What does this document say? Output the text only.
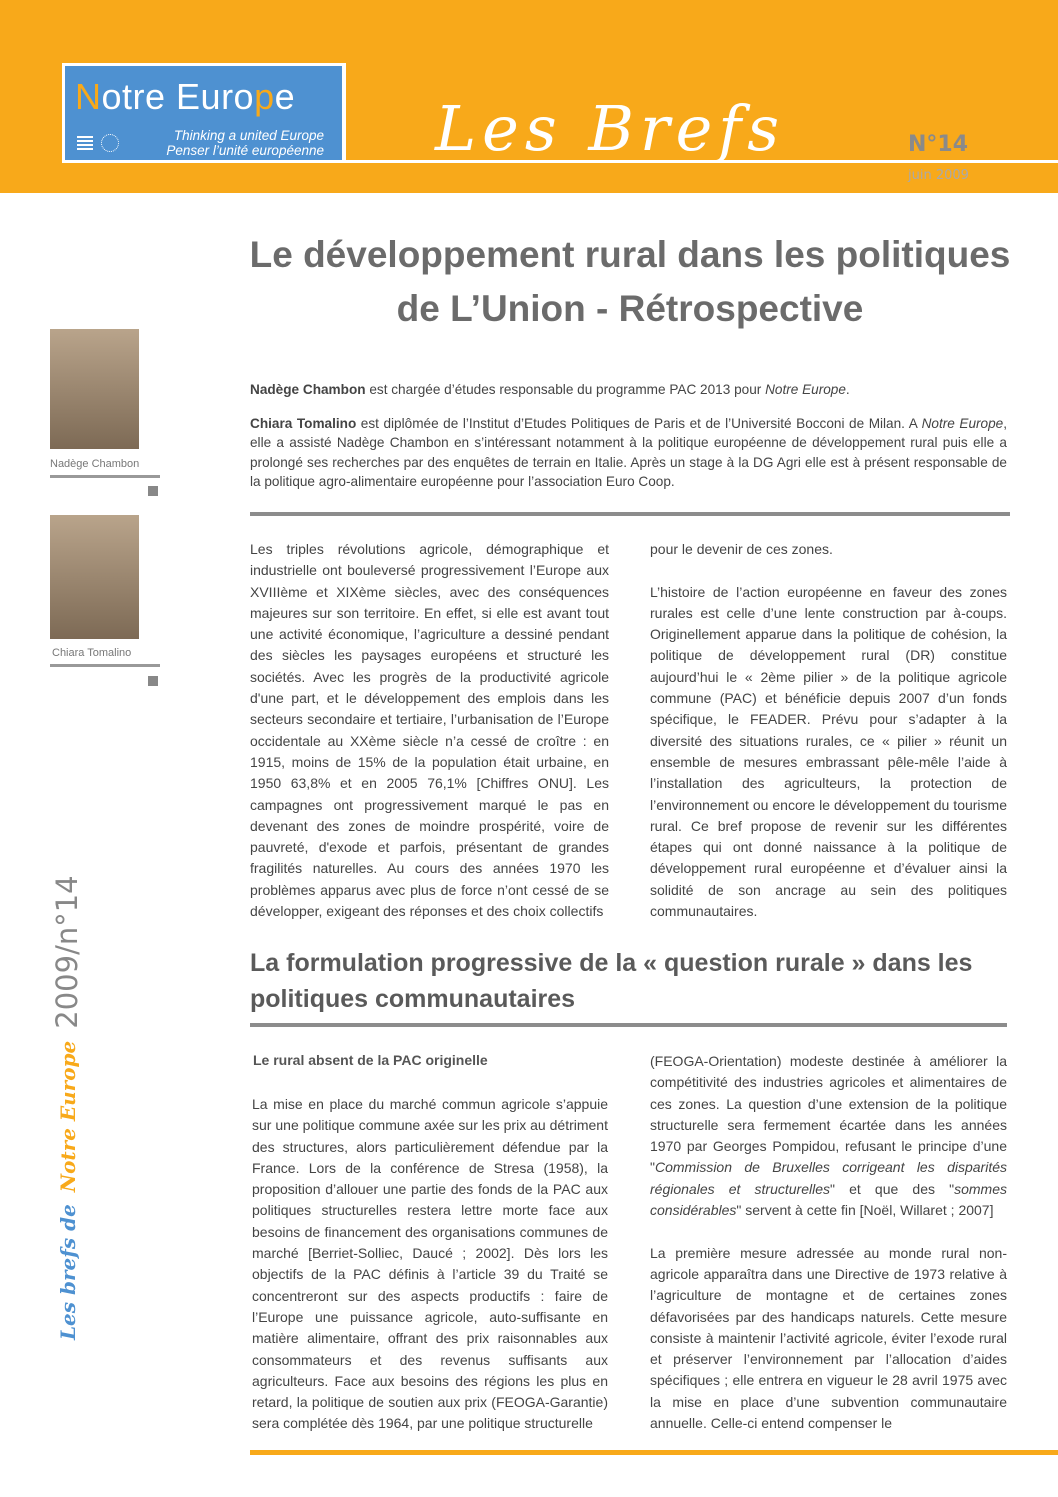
Notre Europe
Thinking a united Europe
Penser l’unité européenne Les Brefs	N°14
juin 2009
Le développement rural dans les politiques de L’Union - Rétrospective
Nadège Chambon
Chiara Tomalino

Nadège Chambon est chargée d’études responsable du programme PAC 2013 pour Notre Europe.

Chiara Tomalino est diplômée de l’Institut d’Etudes Politiques de Paris et de l’Université Bocconi de Milan. A Notre Europe, elle a assisté Nadège Chambon en s’intéressant notamment à la politique européenne de développement rural puis elle a prolongé ses recherches par des enquêtes de terrain en Italie. Après un stage à la DG Agri elle est à présent responsable de la politique agro-alimentaire européenne pour l’association Euro Coop.

Les triples révolutions agricole, démographique et industrielle ont bouleversé progressivement l’Europe aux XVIIIème et XIXème siècles, avec des conséquences majeures sur son territoire. En effet, si elle est avant tout une activité économique, l’agriculture a dessiné pendant des siècles les paysages européens et structuré les sociétés. Avec les progrès de la productivité agricole d'une part, et le développement des emplois dans les secteurs secondaire et tertiaire, l’urbanisation de l’Europe occidentale au XXème siècle n’a cessé de croître : en 1915, moins de 15% de la population était urbaine, en 1950 63,8% et en 2005 76,1% [Chiffres ONU]. Les campagnes ont progressivement marqué le pas en devenant des zones de moindre prospérité, voire de pauvreté, d'exode et parfois, présentant de grandes fragilités naturelles. Au cours des années 1970 les problèmes apparus avec plus de force n’ont cessé de se développer, exigeant des réponses et des choix collectifs

pour le devenir de ces zones.

L’histoire de l’action européenne en faveur des zones rurales est celle d’une lente construction par à-coups. Originellement apparue dans la politique de cohésion, la politique de développement rural (DR) constitue aujourd’hui le « 2ème pilier » de la politique agricole commune (PAC) et bénéficie depuis 2007 d’un fonds spécifique, le FEADER. Prévu pour s’adapter à la diversité des situations rurales, ce « pilier » réunit un ensemble de mesures embrassant pêle-mêle l’aide à l’installation des agriculteurs, la protection de l’environnement ou encore le développement du tourisme rural. Ce bref propose de revenir sur les différentes étapes qui ont donné naissance à la politique de développement rural européenne et d’évaluer ainsi la solidité de son ancrage au sein des politiques communautaires.

La formulation progressive de la « question rurale » dans les politiques communautaires
Le rural absent de la PAC originelle

La mise en place du marché commun agricole s’appuie sur une politique commune axée sur les prix au détriment des structures, alors particulièrement défendue par la France. Lors de la conférence de Stresa (1958), la proposition d’allouer une partie des fonds de la PAC aux politiques structurelles restera lettre morte face aux besoins de financement des organisations communes de marché [Berriet-Solliec, Daucé ; 2002]. Dès lors les objectifs de la PAC définis à l’article 39 du Traité se concentreront sur des aspects productifs : faire de l’Europe une puissance agricole, auto-suffisante en matière alimentaire, offrant des prix raisonnables aux consommateurs et des revenus suffisants aux agriculteurs. Face aux besoins des régions les plus en retard, la politique de soutien aux prix (FEOGA-Garantie) sera complétée dès 1964, par une politique structurelle

(FEOGA-Orientation) modeste destinée à améliorer la compétitivité des industries agricoles et alimentaires de ces zones. La question d’une extension de la politique structurelle sera fermement écartée dans les années 1970 par Georges Pompidou, refusant le principe d’une "Commission de Bruxelles corrigeant les disparités régionales et structurelles" et que des "sommes considérables" servent à cette fin [Noël, Willaret ; 2007]

La première mesure adressée au monde rural non-agricole apparaîtra dans une Directive de 1973 relative à l’agriculture de montagne et de certaines zones défavorisées par des handicaps naturels. Cette mesure consiste à maintenir l’activité agricole, éviter l’exode rural et préserver l’environnement par l’allocation d’aides spécifiques ; elle entrera en vigueur le 28 avril 1975 avec la mise en place d’une subvention communautaire annuelle. Celle-ci entend compenser le

Les brefs deNotre Europe2009/n°14
